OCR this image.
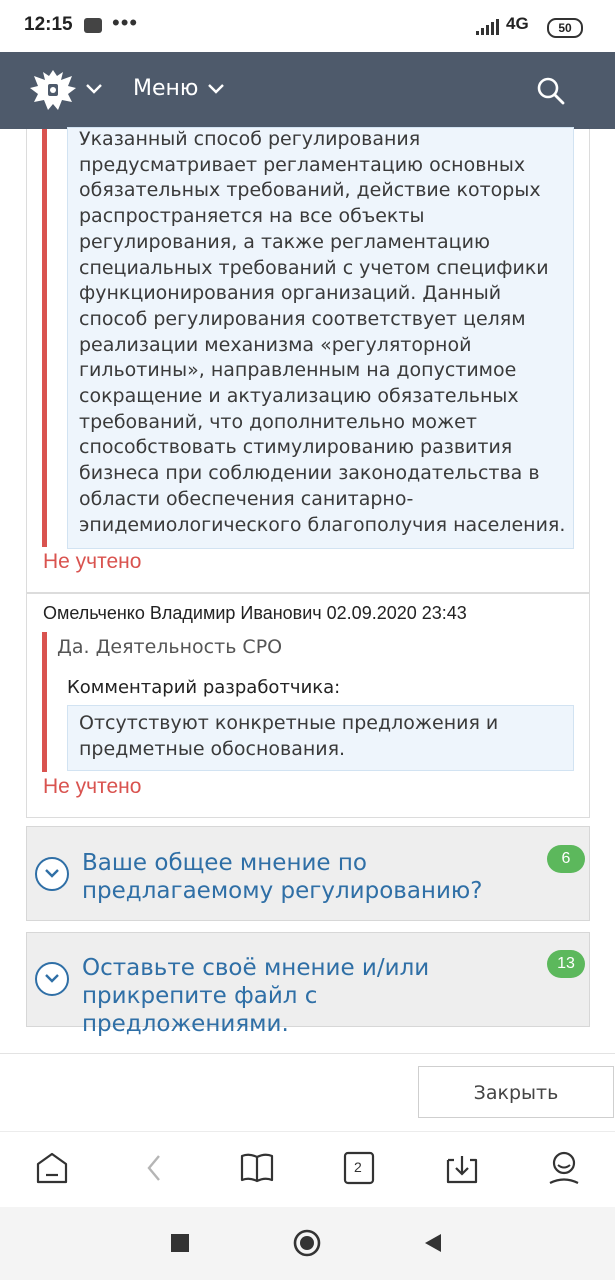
12:15 •••	4G	50
Меню
Указанный способ регулирования предусматривает регламентацию основных обязательных требований, действие которых распространяется на все объекты регулирования, а также регламентацию специальных требований с учетом специфики функционирования организаций. Данный способ регулирования соответствует целям реализации механизма «регуляторной гильотины», направленным на допустимое сокращение и актуализацию обязательных требований, что дополнительно может способствовать стимулированию развития бизнеса при соблюдении законодательства в области обеспечения санитарно-эпидемиологического благополучия населения.
Не учтено
Омельченко Владимир Иванович 02.09.2020 23:43
Да. Деятельность СРО
Комментарий разработчика:
Отсутствуют конкретные предложения и предметные обоснования.
Не учтено
Ваше общее мнение по предлагаемому регулированию?
6
Оставьте своё мнение и/или прикрепите файл с предложениями.
13
Закрыть
2
